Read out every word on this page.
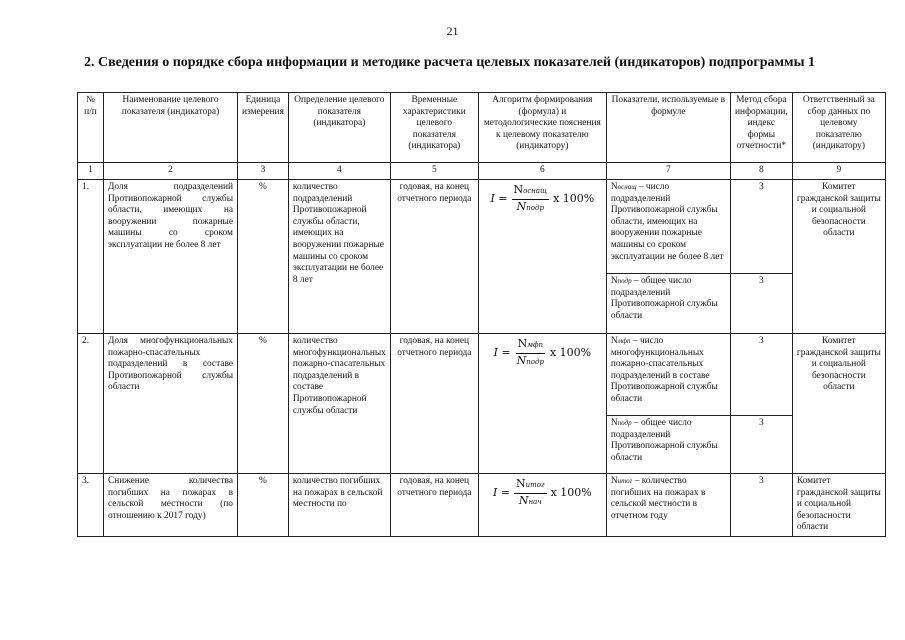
21
2. Сведения о порядке сбора информации и методике расчета целевых показателей (индикаторов) подпрограммы 1
№ п/п	Наименование целевого показателя (индикатора)	Единица измерения	Определение целевого показателя (индикатора)	Временные характеристики целевого показателя (индикатора)	Алгоритм формирования (формула) и методологические пояснения к целевому показателю (индикатору)	Показатели, используемые в формуле	Метод сбора информации, индекс формы отчетности*	Ответственный за сбор данных по целевому показателю (индикатору)
1	2	3	4	5	6	7	8	9
1.	Доля подразделений Противопожарной службы области, имеющих на вооружении пожарные машины со сроком эксплуатации не более 8 лет	%	количество подразделений Противопожарной службы области, имеющих на вооружении пожарные машины со сроком эксплуатации не более 8 лет	годовая, на конец отчетного периода	$I = \frac{\text{Nоснащ}}{\text{Nподр}}$ x 100%	Nоснащ – число подразделений Противопожарной службы области, имеющих на вооружении пожарные машины со сроком эксплуатации не более 8 лет	3	Комитет гражданской защиты и социальной безопасности области
						Nподр – общее число подразделений Противопожарной службы области	3	
2.	Доля многофункциональных пожарно-спасательных подразделений в составе Противопожарной службы области	%	количество многофункциональных пожарно-спасательных подразделений в составе Противопожарной службы области	годовая, на конец отчетного периода	$I = \frac{\text{Nмфп}}{\text{Nподр}}$ x 100%	Nмфп – число многофункциональных пожарно-спасательных подразделений в составе Противопожарной службы области	3	Комитет гражданской защиты и социальной безопасности области
						Nподр – общее число подразделений Противопожарной службы области	3	
3.	Снижение количества погибших на пожарах в сельской местности (по отношению к 2017 году)	%	количество погибших на пожарах в сельской местности по	годовая, на конец отчетного периода	$I = \frac{\text{Nитог}}{\text{Nнач}}$ x 100%	Nитог – количество погибших на пожарах в сельской местности в отчетном году	3	Комитет гражданской защиты и социальной безопасности области
